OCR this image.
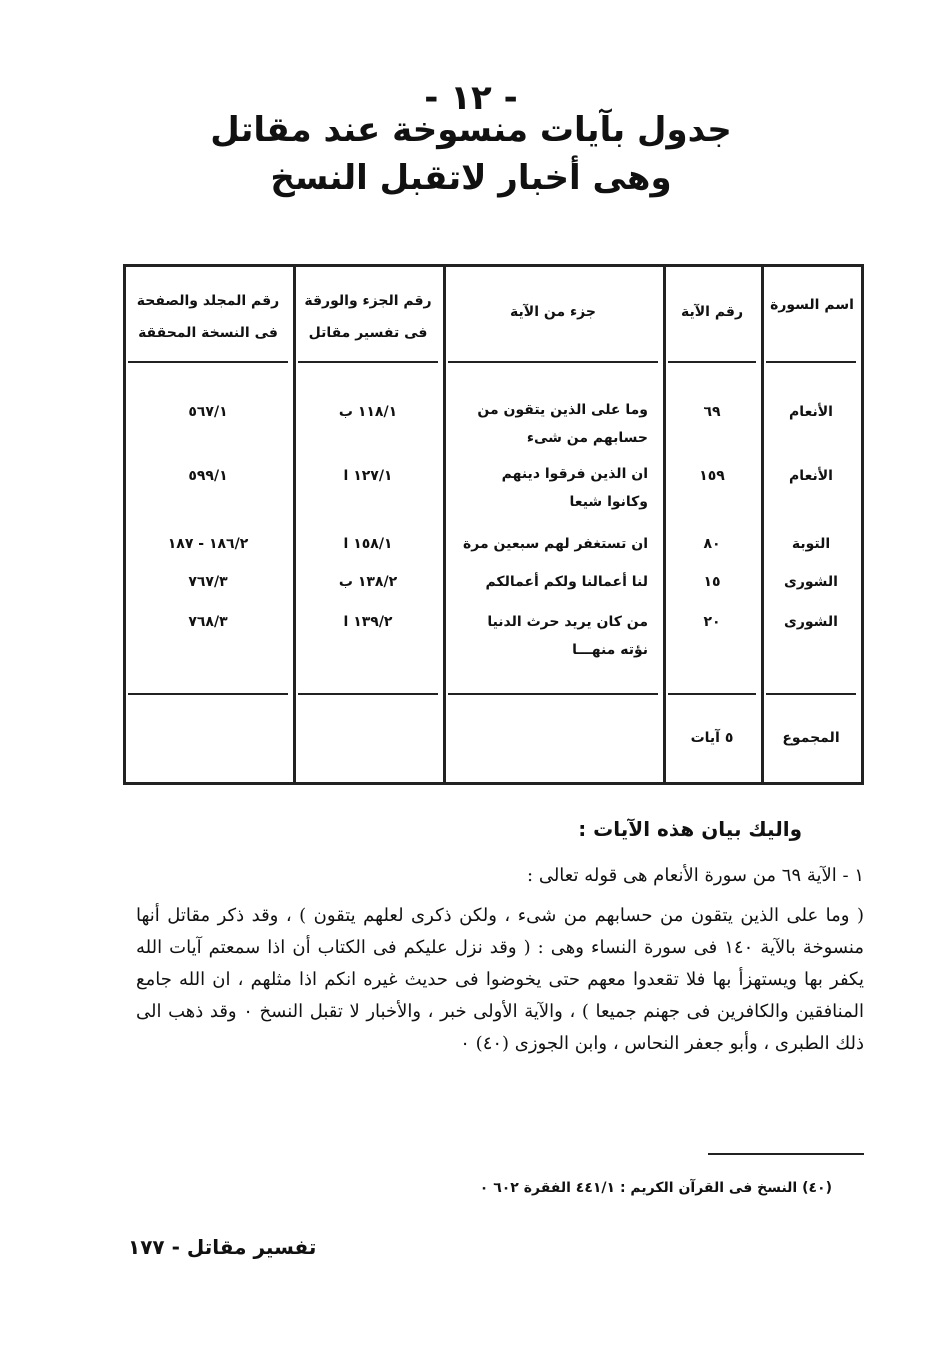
- ١٢ -
جدول بآيات منسوخة عند مقاتل
وهى أخبار لاتقبل النسخ
اسم السورة
رقم الآية
جزء من الآية
رقم الجزء والورقة فى تفسير مقاتل
رقم المجلد والصفحة فى النسخة المحققة
الأنعام
٦٩
وما على الذين يتقون من
حسابهم من شىء
١١٨/١ ب
٥٦٧/١
الأنعام
١٥٩
ان الذين فرقوا دينهم
وكانوا شيعا
١٢٧/١ ا
٥٩٩/١
التوبة
٨٠
ان تستغفر لهم سبعين مرة
١٥٨/١ ا
١٨٦/٢ - ١٨٧
الشورى
١٥
لنا أعمالنا ولكم أعمالكم
١٣٨/٢ ب
٧٦٧/٣
الشورى
٢٠
من كان يريد حرث الدنيا
نؤته منهـــا
١٣٩/٢ ا
٧٦٨/٣
المجموع
٥ آيات
واليك بيان هذه الآيات :
١ - الآية ٦٩ من سورة الأنعام هى قوله تعالى :
( وما على الذين يتقون من حسابهم من شىء ، ولكن ذكرى لعلهم يتقون ) ، وقد ذكر مقاتل أنها منسوخة بالآية ١٤٠ فى سورة النساء وهى : ( وقد نزل عليكم فى الكتاب أن اذا سمعتم آيات الله يكفر بها ويستهزأ بها فلا تقعدوا معهم حتى يخوضوا فى حديث غيره انكم اذا مثلهم ، ان الله جامع المنافقين والكافرين فى جهنم جميعا ) ، والآية الأولى خبر ، والأخبار لا تقبل النسخ ٠ وقد ذهب الى ذلك الطبرى ، وأبو جعفر النحاس ، وابن الجوزى (٤٠) ٠
(٤٠) النسخ فى القرآن الكريم : ٤٤١/١ الفقرة ٦٠٢ ٠
تفسير مقاتل - ١٧٧
